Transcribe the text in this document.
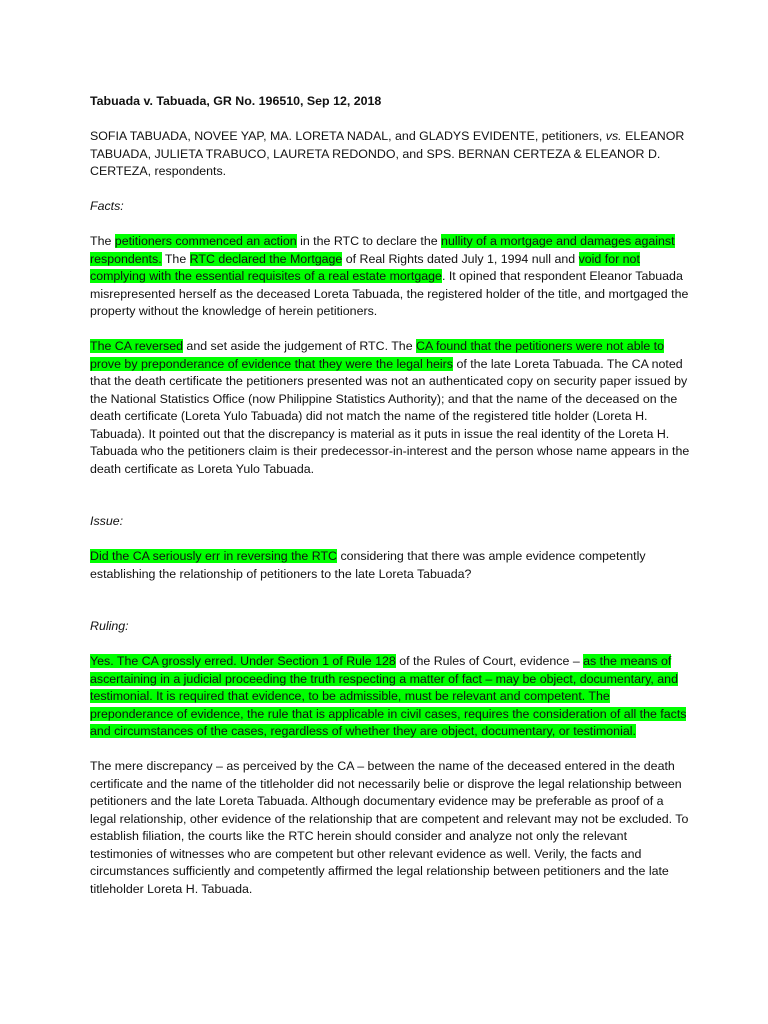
Tabuada v. Tabuada, GR No. 196510, Sep 12, 2018

SOFIA TABUADA, NOVEE YAP, MA. LORETA NADAL, and GLADYS EVIDENTE, petitioners, vs. ELEANOR TABUADA, JULIETA TRABUCO, LAURETA REDONDO, and SPS. BERNAN CERTEZA & ELEANOR D. CERTEZA, respondents.

Facts:

The petitioners commenced an action in the RTC to declare the nullity of a mortgage and damages against respondents. The RTC declared the Mortgage of Real Rights dated July 1, 1994 null and void for not complying with the essential requisites of a real estate mortgage. It opined that respondent Eleanor Tabuada misrepresented herself as the deceased Loreta Tabuada, the registered holder of the title, and mortgaged the property without the knowledge of herein petitioners.

The CA reversed and set aside the judgement of RTC. The CA found that the petitioners were not able to prove by preponderance of evidence that they were the legal heirs of the late Loreta Tabuada. The CA noted that the death certificate the petitioners presented was not an authenticated copy on security paper issued by the National Statistics Office (now Philippine Statistics Authority); and that the name of the deceased on the death certificate (Loreta Yulo Tabuada) did not match the name of the registered title holder (Loreta H. Tabuada). It pointed out that the discrepancy is material as it puts in issue the real identity of the Loreta H. Tabuada who the petitioners claim is their predecessor-in-interest and the person whose name appears in the death certificate as Loreta Yulo Tabuada.

Issue:

Did the CA seriously err in reversing the RTC considering that there was ample evidence competently establishing the relationship of petitioners to the late Loreta Tabuada?

Ruling:

Yes. The CA grossly erred. Under Section 1 of Rule 128 of the Rules of Court, evidence – as the means of ascertaining in a judicial proceeding the truth respecting a matter of fact – may be object, documentary, and testimonial. It is required that evidence, to be admissible, must be relevant and competent. The preponderance of evidence, the rule that is applicable in civil cases, requires the consideration of all the facts and circumstances of the cases, regardless of whether they are object, documentary, or testimonial.

The mere discrepancy – as perceived by the CA – between the name of the deceased entered in the death certificate and the name of the titleholder did not necessarily belie or disprove the legal relationship between petitioners and the late Loreta Tabuada. Although documentary evidence may be preferable as proof of a legal relationship, other evidence of the relationship that are competent and relevant may not be excluded. To establish filiation, the courts like the RTC herein should consider and analyze not only the relevant testimonies of witnesses who are competent but other relevant evidence as well. Verily, the facts and circumstances sufficiently and competently affirmed the legal relationship between petitioners and the late titleholder Loreta H. Tabuada.
